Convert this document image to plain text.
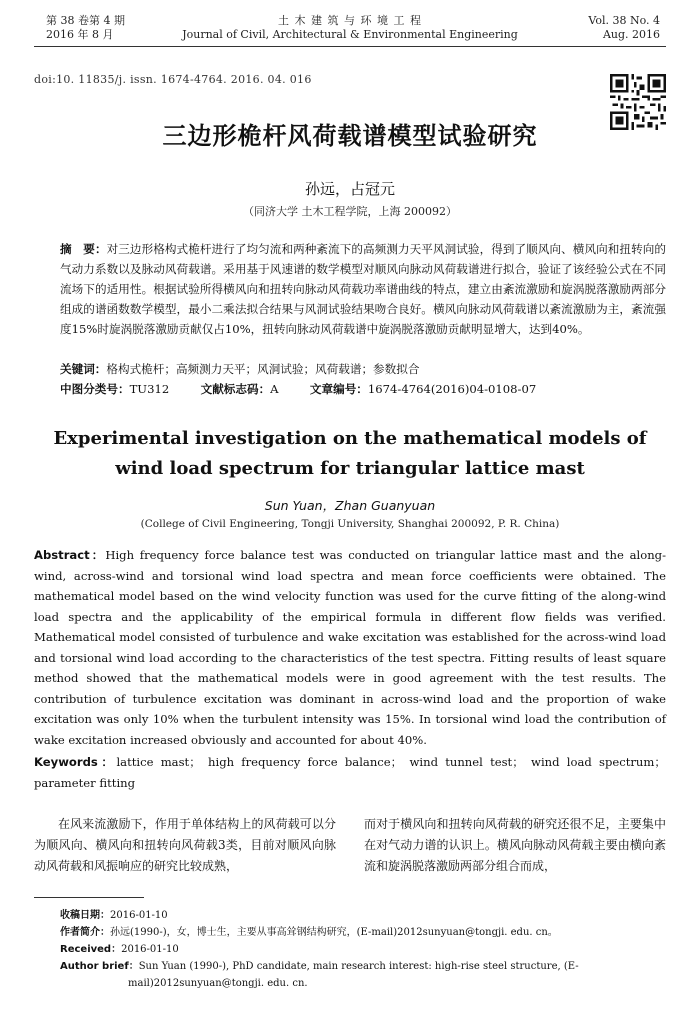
第 38 卷第 4 期
2016 年 8 月
土 木 建 筑 与 环 境 工 程
Journal of Civil, Architectural & Environmental Engineering
Vol. 38 No. 4
Aug. 2016
doi:10. 11835/j. issn. 1674-4764. 2016. 04. 016
三边形桅杆风荷载谱模型试验研究
孙远，占冠元
（同济大学 土木工程学院，上海 200092）
摘　要：对三边形格构式桅杆进行了均匀流和两种紊流下的高频测力天平风洞试验，得到了顺风向、横风向和扭转向的气动力系数以及脉动风荷载谱。采用基于风速谱的数学模型对顺风向脉动风荷载谱进行拟合，验证了该经验公式在不同流场下的适用性。根据试验所得横风向和扭转向脉动风荷载功率谱曲线的特点，建立由紊流激励和旋涡脱落激励两部分组成的谱函数数学模型，最小二乘法拟合结果与风洞试验结果吻合良好。横风向脉动风荷载谱以紊流激励为主，紊流强度15%时旋涡脱落激励贡献仅占10%，扭转向脉动风荷载谱中旋涡脱落激励贡献明显增大，达到40%。
关键词：格构式桅杆；高频测力天平；风洞试验；风荷载谱；参数拟合
中图分类号：TU312	文献标志码：A	文章编号：1674-4764(2016)04-0108-07
Experimental investigation on the mathematical models of wind load spectrum for triangular lattice mast
Sun Yuan，Zhan Guanyuan
(College of Civil Engineering, Tongji University, Shanghai 200092, P. R. China)
Abstract：High frequency force balance test was conducted on triangular lattice mast and the along-wind, across-wind and torsional wind load spectra and mean force coefficients were obtained. The mathematical model based on the wind velocity function was used for the curve fitting of the along-wind load spectra and the applicability of the empirical formula in different flow fields was verified. Mathematical model consisted of turbulence and wake excitation was established for the across-wind load and torsional wind load according to the characteristics of the test spectra. Fitting results of least square method showed that the mathematical models were in good agreement with the test results. The contribution of turbulence excitation was dominant in across-wind load and the proportion of wake excitation was only 10% when the turbulent intensity was 15%. In torsional wind load the contribution of wake excitation increased obviously and accounted for about 40%.
Keywords：lattice mast； high frequency force balance； wind tunnel test； wind load spectrum； parameter fitting
在风来流激励下，作用于单体结构上的风荷载可以分为顺风向、横风向和扭转向风荷载3类，目前对顺风向脉动风荷载和风振响应的研究比较成熟，
而对于横风向和扭转向风荷载的研究还很不足，主要集中在对气动力谱的认识上。横风向脉动风荷载主要由横向紊流和旋涡脱落激励两部分组合而成，
收稿日期：2016-01-10
作者简介：孙远(1990-)，女，博士生，主要从事高耸钢结构研究，(E-mail)2012sunyuan@tongji. edu. cn。
Received：2016-01-10
Author brief：Sun Yuan (1990-), PhD candidate, main research interest: high-rise steel structure, (E-mail)2012sunyuan@tongji. edu. cn.
